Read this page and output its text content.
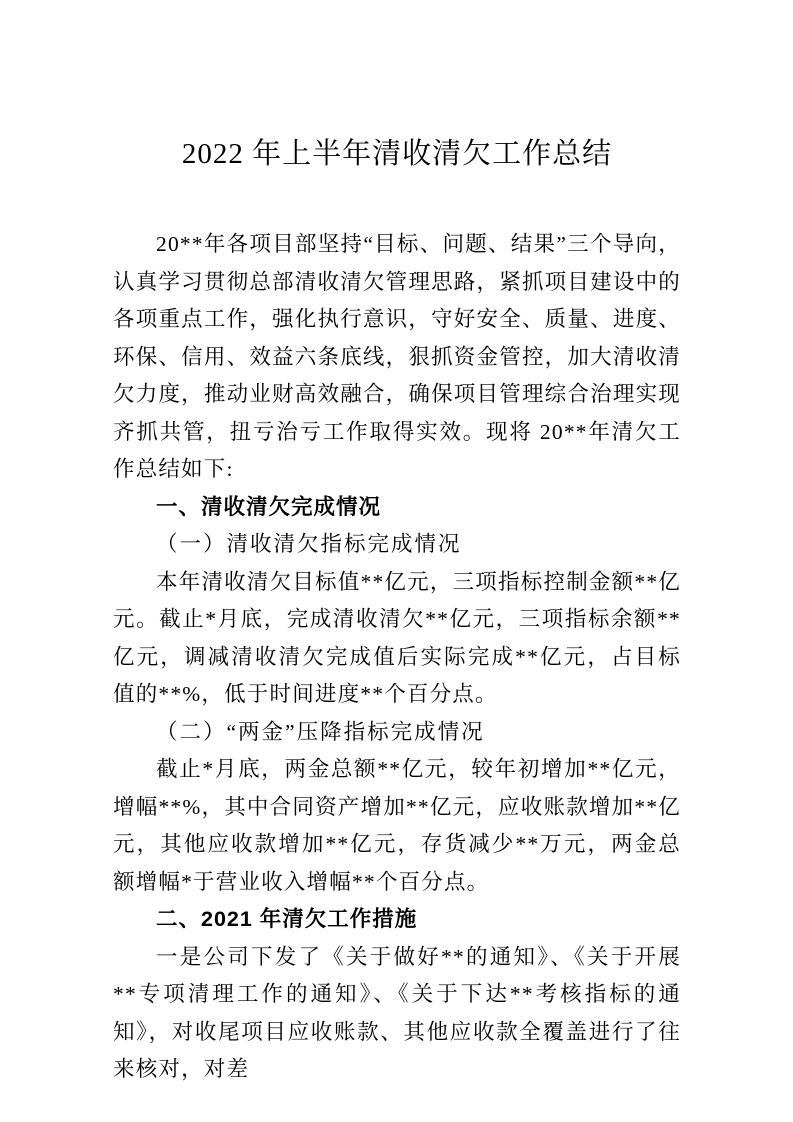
2022 年上半年清收清欠工作总结

20**年各项目部坚持“目标、问题、结果”三个导向，认真学习贯彻总部清收清欠管理思路，紧抓项目建设中的各项重点工作，强化执行意识，守好安全、质量、进度、环保、信用、效益六条底线，狠抓资金管控，加大清收清欠力度，推动业财高效融合，确保项目管理综合治理实现齐抓共管，扭亏治亏工作取得实效。现将 20**年清欠工作总结如下:

一、清收清欠完成情况

（一）清收清欠指标完成情况

本年清收清欠目标值**亿元，三项指标控制金额**亿元。截止*月底，完成清收清欠**亿元，三项指标余额**亿元，调减清收清欠完成值后实际完成**亿元，占目标值的**%，低于时间进度**个百分点。

（二）“两金”压降指标完成情况

截止*月底，两金总额**亿元，较年初增加**亿元，增幅**%，其中合同资产增加**亿元，应收账款增加**亿元，其他应收款增加**亿元，存货减少**万元，两金总额增幅*于营业收入增幅**个百分点。

二、2021 年清欠工作措施

一是公司下发了《关于做好**的通知》、《关于开展**专项清理工作的通知》、《关于下达**考核指标的通知》，对收尾项目应收账款、其他应收款全覆盖进行了往来核对，对差
